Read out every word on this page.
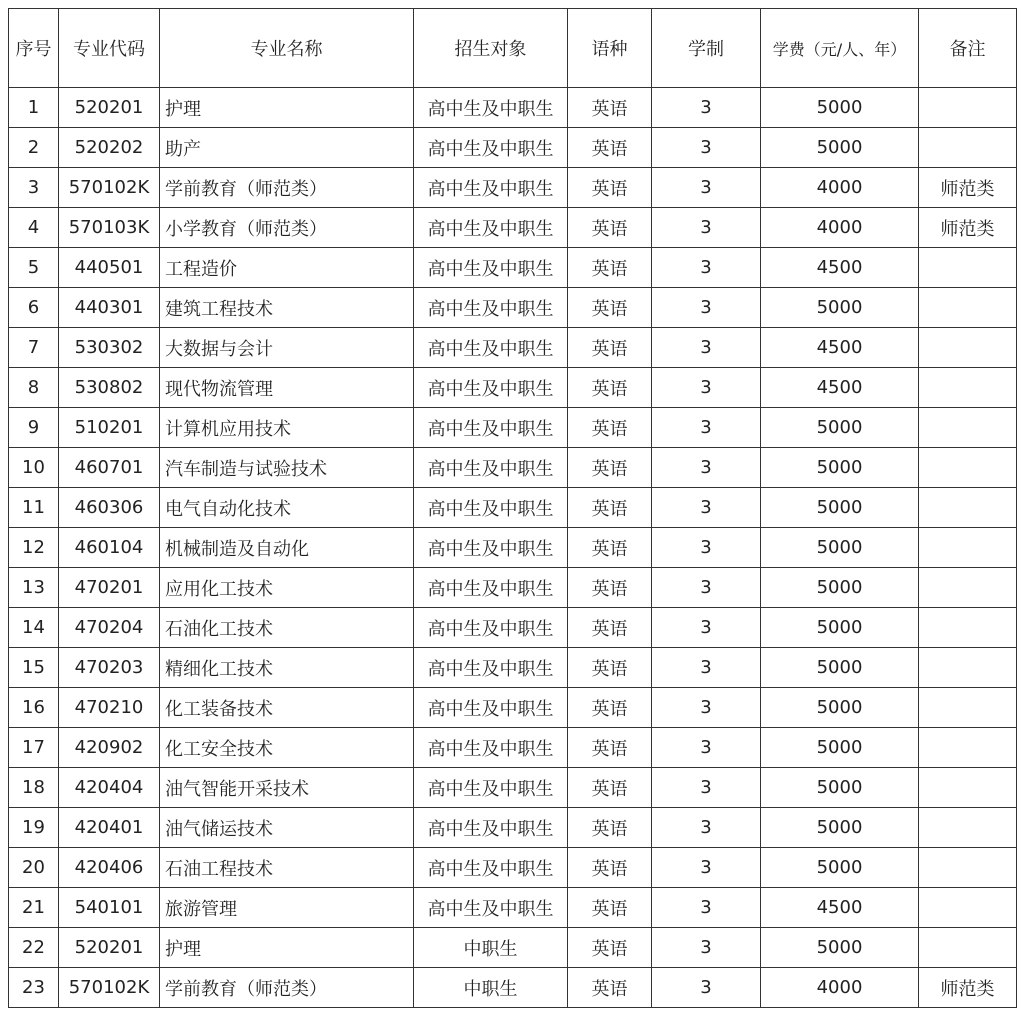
序号	专业代码	专业名称	招生对象	语种	学制	学费（元/人、年）	备注
1	520201	护理	高中生及中职生	英语	3	5000	
2	520202	助产	高中生及中职生	英语	3	5000	
3	570102K	学前教育（师范类）	高中生及中职生	英语	3	4000	师范类
4	570103K	小学教育（师范类）	高中生及中职生	英语	3	4000	师范类
5	440501	工程造价	高中生及中职生	英语	3	4500	
6	440301	建筑工程技术	高中生及中职生	英语	3	5000	
7	530302	大数据与会计	高中生及中职生	英语	3	4500	
8	530802	现代物流管理	高中生及中职生	英语	3	4500	
9	510201	计算机应用技术	高中生及中职生	英语	3	5000	
10	460701	汽车制造与试验技术	高中生及中职生	英语	3	5000	
11	460306	电气自动化技术	高中生及中职生	英语	3	5000	
12	460104	机械制造及自动化	高中生及中职生	英语	3	5000	
13	470201	应用化工技术	高中生及中职生	英语	3	5000	
14	470204	石油化工技术	高中生及中职生	英语	3	5000	
15	470203	精细化工技术	高中生及中职生	英语	3	5000	
16	470210	化工装备技术	高中生及中职生	英语	3	5000	
17	420902	化工安全技术	高中生及中职生	英语	3	5000	
18	420404	油气智能开采技术	高中生及中职生	英语	3	5000	
19	420401	油气储运技术	高中生及中职生	英语	3	5000	
20	420406	石油工程技术	高中生及中职生	英语	3	5000	
21	540101	旅游管理	高中生及中职生	英语	3	4500	
22	520201	护理	中职生	英语	3	5000	
23	570102K	学前教育（师范类）	中职生	英语	3	4000	师范类
